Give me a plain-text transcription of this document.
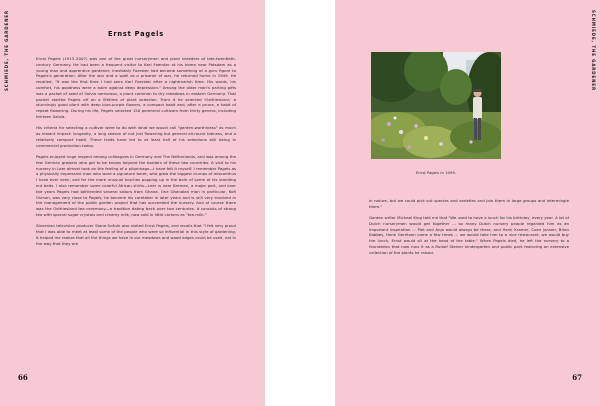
SCHMIEDE, THE GARDENER	Ernst Pagels

Ernst Pagels (1913–2007) was one of the great nurserymen and plant breeders of late-twentieth-century Germany. He had been a frequent visitor to Karl Foerster at his home near Potsdam as a young man and apprentice gardener; inevitably Foerster had become something of a guru figure to Pagels's generation. After the war and a spell as a prisoner of war, he returned home in 1949. He recalled, "It was the first time I had seen Karl Foerster after a nightmarish time. His words, his comfort, his goodness were a balm against deep depression." Among the older man's parting gifts was a packet of seed of Salvia nemorosa, a plant common to dry meadows in eastern Germany. That packet started Pagels off on a lifetime of plant selection. From it he selected 'Ostfriesland,' a stunningly good plant with deep blue-purple flowers, a compact habit and, after a prune, a habit of repeat flowering. During his life, Pagels selected 150 perennial cultivars from thirty genera, including thirteen Salvia.

His criteria for selecting a cultivar were to do with what we would call "garden-worthiness" as much as instant impact: longevity, a long season of not just flowering but general all-round tidiness, and a relatively compact habit. These traits have led to at least half of his selections still being in commercial production today.

Pagels enjoyed huge respect among colleagues in Germany and The Netherlands, and was among the few German growers who got to be known beyond the borders of these two countries. A visit to his nursery in Leer almost took on the feeling of a pilgrimage—I have felt it myself. I remember Pagels as a physically impressive man who wore a signature beret, who grew the biggest clumps of miscanthus I have ever seen, and for the more unusual touches popping up in the bark of some of his standing out beds. I also remember some colorful African shirts—Leer is near Bremen, a major port, and over the years Pagels had befriended several sailors from Ghana. One Ghanaian man in particular, Kofi Osman, was very close to Pagels; he became his caretaker in later years and is still very involved in the management of the public garden project that has succeeded the nursery. And of course there was the Ostfriesland tea ceremony—a tradition dating back over two centuries. It consists of strong tea with special sugar crystals and creamy milk, now sold in little cartons as "tea milk."

Slovenian television producer Stane Sušnik also visited Ernst Pagels, and recalls that "I felt very proud that I was able to meet at least some of the people who were so influential in this style of gardening. It helped me realize that all the things we have in our meadows and wood edges could be used, not in the way that they are

66
SCHMIEDE, THE GARDENER
Ernst Pagels in 1999.

in nature, but we could pick out species and varieties and join them in large groups and intermingle them."

Garden writer Michael King told me that "We used to have a lunch for his birthday, every year. A lot of Dutch nurserymen would get together ... so many Dutch nursery people regarded him as an important inspiration ... Piet and Anja would always be there, and Henk Kramer, Coen Jansen, Brian Kabbes, Henk Gerritsen came a few times ... we would take him to a nice restaurant, we would buy the lunch, Ernst would sit at the head of the table." When Pagels died, he left the nursery to a foundation that now runs it as a Rudolf Steiner kindergarten and public park featuring an extensive collection of the plants he raised.

67
